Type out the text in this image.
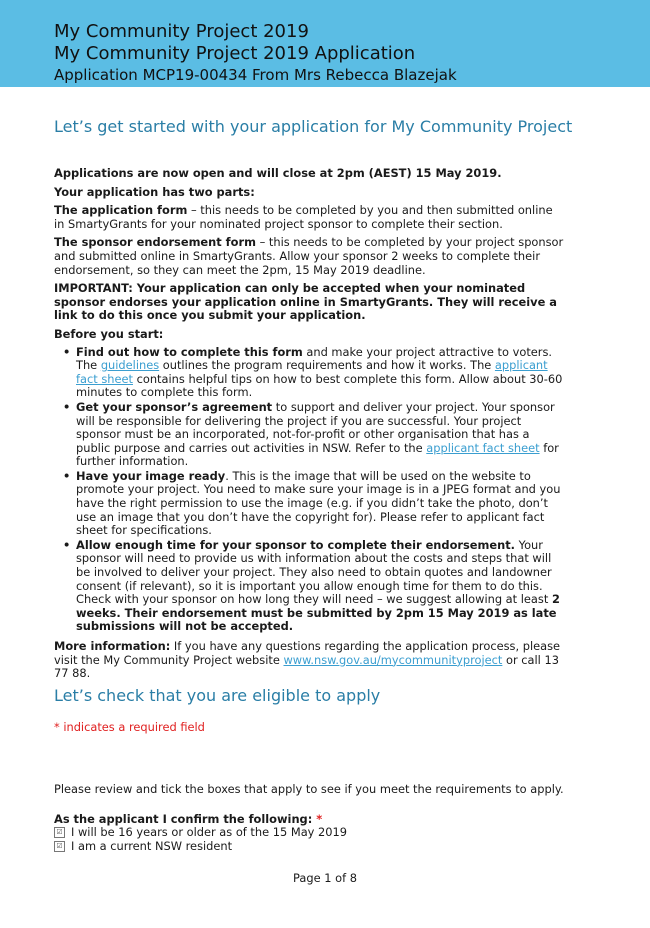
My Community Project 2019
My Community Project 2019 Application
Application MCP19-00434 From Mrs Rebecca Blazejak
Let’s get started with your application for My Community Project

Applications are now open and will close at 2pm (AEST) 15 May 2019.

Your application has two parts:

The application form – this needs to be completed by you and then submitted online in SmartyGrants for your nominated project sponsor to complete their section.

The sponsor endorsement form – this needs to be completed by your project sponsor and submitted online in SmartyGrants. Allow your sponsor 2 weeks to complete their endorsement, so they can meet the 2pm, 15 May 2019 deadline.

IMPORTANT: Your application can only be accepted when your nominated sponsor endorses your application online in SmartyGrants. They will receive a link to do this once you submit your application.

Before you start:

• Find out how to complete this form and make your project attractive to voters. The guidelines outlines the program requirements and how it works. The applicant fact sheet contains helpful tips on how to best complete this form. Allow about 30-60 minutes to complete this form.
• Get your sponsor’s agreement to support and deliver your project. Your sponsor will be responsible for delivering the project if you are successful. Your project sponsor must be an incorporated, not-for-profit or other organisation that has a public purpose and carries out activities in NSW. Refer to the applicant fact sheet for further information.
• Have your image ready. This is the image that will be used on the website to promote your project. You need to make sure your image is in a JPEG format and you have the right permission to use the image (e.g. if you didn’t take the photo, don’t use an image that you don’t have the copyright for). Please refer to applicant fact sheet for specifications.
• Allow enough time for your sponsor to complete their endorsement. Your sponsor will need to provide us with information about the costs and steps that will be involved to deliver your project. They also need to obtain quotes and landowner consent (if relevant), so it is important you allow enough time for them to do this. Check with your sponsor on how long they will need – we suggest allowing at least 2 weeks. Their endorsement must be submitted by 2pm 15 May 2019 as late submissions will not be accepted.

More information: If you have any questions regarding the application process, please visit the My Community Project website www.nsw.gov.au/mycommunityproject or call 13 77 88.

Let’s check that you are eligible to apply
* indicates a required field
Please review and tick the boxes that apply to see if you meet the requirements to apply.
As the applicant I confirm the following: *
☑ I will be 16 years or older as of the 15 May 2019
☑ I am a current NSW resident
Page 1 of 8
